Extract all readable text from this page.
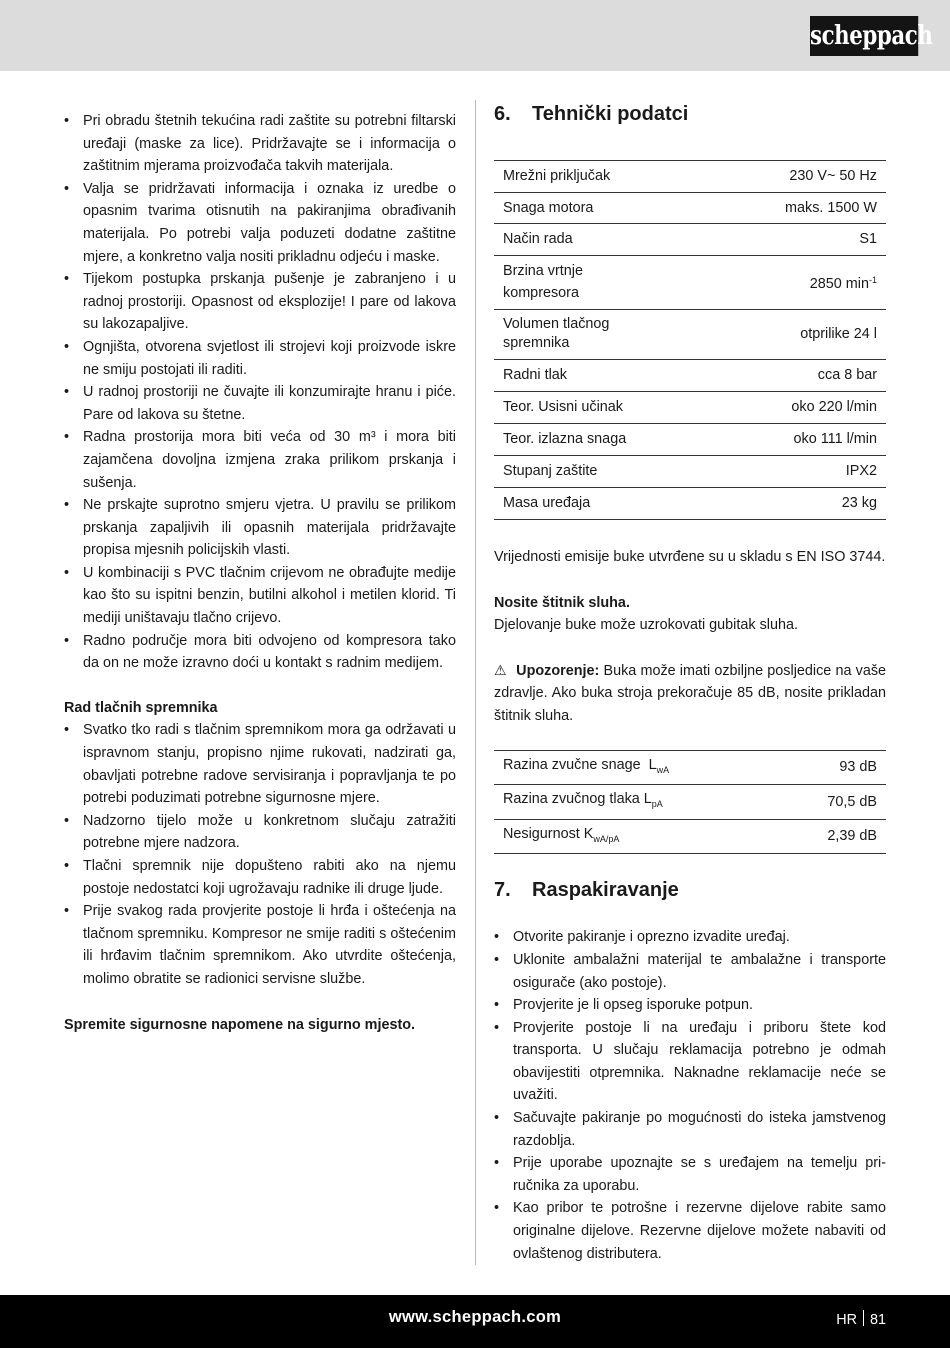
scheppach
• Pri obradu štetnih tekućina radi zaštite su potrebni filtarski uređaji (maske za lice). Pridržavajte se i informacija o zaštitnim mjerama proizvođača takvih materijala.
• Valja se pridržavati informacija i oznaka iz uredbe o opasnim tvarima otisnutih na pakiranjima obrađivanih materijala. Po potrebi valja poduzeti dodatne zaštitne mjere, a konkretno valja nositi prikladnu odjeću i maske.
• Tijekom postupka prskanja pušenje je zabranjeno i u radnoj prostoriji. Opasnost od eksplozije! I pare od lakova su lakozapaljive.
• Ognjišta, otvorena svjetlost ili strojevi koji proizvode iskre ne smiju postojati ili raditi.
• U radnoj prostoriji ne čuvajte ili konzumirajte hranu i piće. Pare od lakova su štetne.
• Radna prostorija mora biti veća od 30 m³ i mora biti zajamčena dovoljna izmjena zraka prilikom prskanja i sušenja.
• Ne prskajte suprotno smjeru vjetra. U pravilu se prilikom prskanja zapaljivih ili opasnih materijala pridržavajte propisa mjesnih policijskih vlasti.
• U kombinaciji s PVC tlačnim crijevom ne obrađujte medije kao što su ispitni benzin, butilni alkohol i metilen klorid. Ti mediji uništavaju tlačno crijevo.
• Radno područje mora biti odvojeno od kompresora tako da on ne može izravno doći u kontakt s radnim medijem.
Rad tlačnih spremnika
• Svatko tko radi s tlačnim spremnikom mora ga održavati u ispravnom stanju, propisno njime rukovati, nadzirati ga, obavljati potrebne radove servisiranja i popravljanja te po potrebi poduzimati potrebne sigurnosne mjere.
• Nadzorno tijelo može u konkretnom slučaju zatražiti potrebne mjere nadzora.
• Tlačni spremnik nije dopušteno rabiti ako na njemu postoje nedostatci koji ugrožavaju radnike ili druge ljude.
• Prije svakog rada provjerite postoje li hrđa i oštećenja na tlačnom spremniku. Kompresor ne smije raditi s oštećenim ili hrđavim tlačnim spremnikom. Ako utvrdite oštećenja, molimo obratite se radionici servisne službe.
Spremite sigurnosne napomene na sigurno mjesto.
6.	Tehnički podatci
Mrežni priključak	230 V~ 50 Hz
Snaga motora	maks. 1500 W
Način rada	S1
Brzina vrtnje kompresora	2850 $\min^{-1}$
Volumen tlačnog spremnika	otprilike 24 l
Radni tlak	cca 8 bar
Teor. Usisni učinak	oko 220 l/min
Teor. izlazna snaga	oko 111 l/min
Stupanj zaštite	IPX2
Masa uređaja	23 kg
Vrijednosti emisije buke utvrđene su u skladu s EN ISO 3744.
Nosite štitnik sluha.
Djelovanje buke može uzrokovati gubitak sluha.
⚠ Upozorenje: Buka može imati ozbiljne posljedice na vaše zdravlje. Ako buka stroja prekoračuje 85 dB, nosite prikladan štitnik sluha.
Razina zvučne snage  $L_{wA}$	93 dB
Razina zvučnog tlaka $L_{pA}$	70,5 dB
Nesigurnost $K_{wA/pA}$	2,39 dB
7.	Raspakiravanje
• Otvorite pakiranje i oprezno izvadite uređaj.
• Uklonite ambalažni materijal te ambalažne i transporte osigurače (ako postoje).
• Provjerite je li opseg isporuke potpun.
• Provjerite postoje li na uređaju i priboru štete kod transporta. U slučaju reklamacija potrebno je odmah obavijestiti otpremnika. Naknadne reklamacije neće se uvažiti.
• Sačuvajte pakiranje po mogućnosti do isteka jamstvenog razdoblja.
• Prije uporabe upoznajte se s uređajem na temelju priručnika za uporabu.
• Kao pribor te potrošne i rezervne dijelove rabite samo originalne dijelove. Rezervne dijelove možete nabaviti od ovlaštenog distributera.
www.scheppach.com	HR 81
